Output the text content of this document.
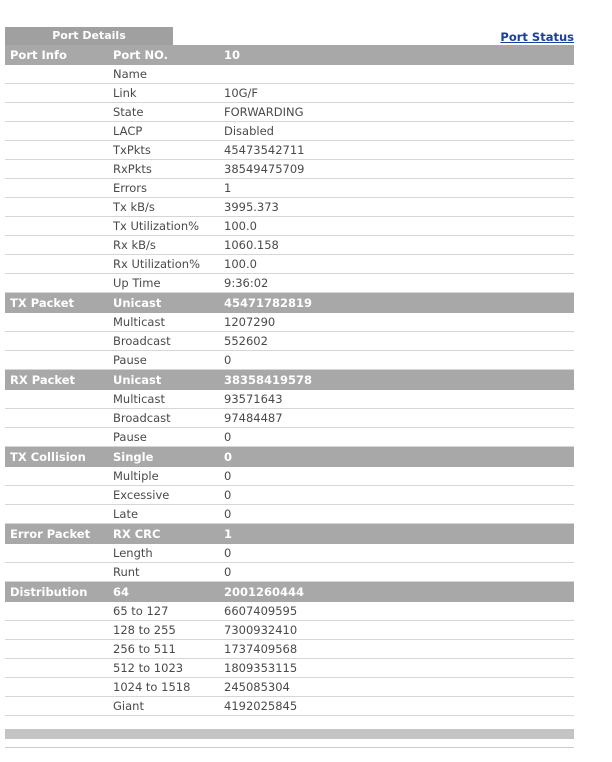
Port Details	Port Status
Port Info	Port NO.	10
	Name	
	Link	10G/F
	State	FORWARDING
	LACP	Disabled
	TxPkts	45473542711
	RxPkts	38549475709
	Errors	1
	Tx kB/s	3995.373
	Tx Utilization%	100.0
	Rx kB/s	1060.158
	Rx Utilization%	100.0
	Up Time	9:36:02
TX Packet	Unicast	45471782819
	Multicast	1207290
	Broadcast	552602
	Pause	0
RX Packet	Unicast	38358419578
	Multicast	93571643
	Broadcast	97484487
	Pause	0
TX Collision	Single	0
	Multiple	0
	Excessive	0
	Late	0
Error Packet	RX CRC	1
	Length	0
	Runt	0
Distribution	64	2001260444
	65 to 127	6607409595
	128 to 255	7300932410
	256 to 511	1737409568
	512 to 1023	1809353115
	1024 to 1518	245085304
	Giant	4192025845
